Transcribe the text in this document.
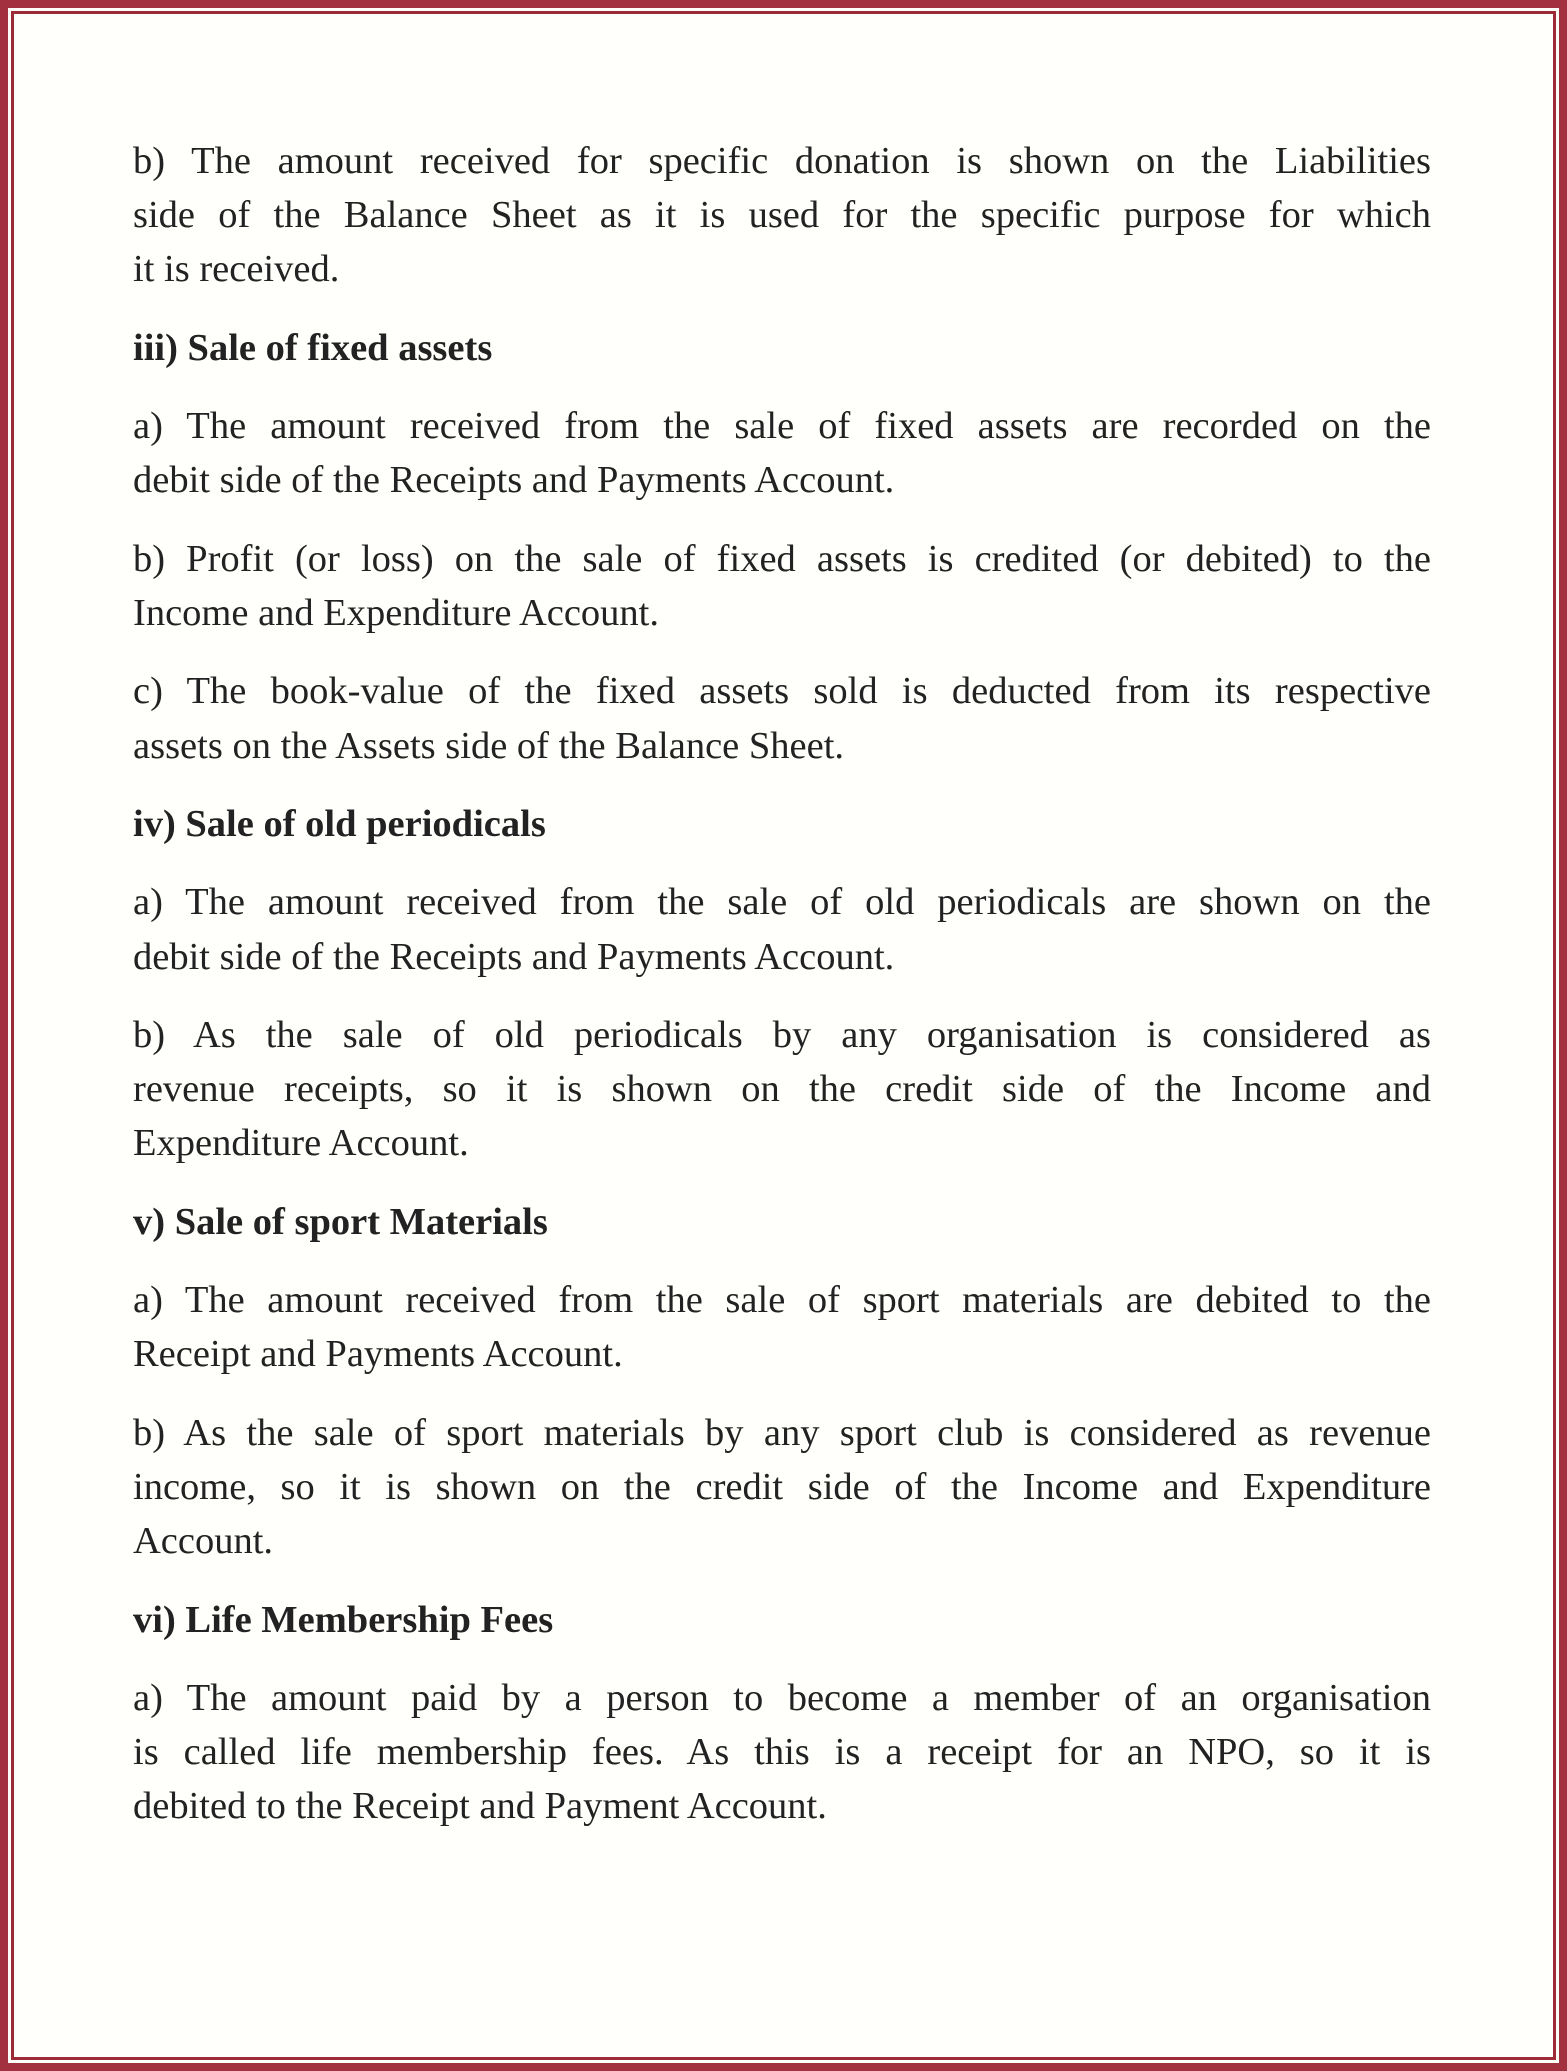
b) The amount received for specific donation is shown on the Liabilities
side of the Balance Sheet as it is used for the specific purpose for which
it is received.
iii) Sale of fixed assets
a) The amount received from the sale of fixed assets are recorded on the
debit side of the Receipts and Payments Account.
b) Profit (or loss) on the sale of fixed assets is credited (or debited) to the
Income and Expenditure Account.
c) The book-value of the fixed assets sold is deducted from its respective
assets on the Assets side of the Balance Sheet.
iv) Sale of old periodicals
a) The amount received from the sale of old periodicals are shown on the
debit side of the Receipts and Payments Account.
b) As the sale of old periodicals by any organisation is considered as
revenue receipts, so it is shown on the credit side of the Income and
Expenditure Account.
v) Sale of sport Materials
a) The amount received from the sale of sport materials are debited to the
Receipt and Payments Account.
b) As the sale of sport materials by any sport club is considered as revenue
income, so it is shown on the credit side of the Income and Expenditure
Account.
vi) Life Membership Fees
a) The amount paid by a person to become a member of an organisation
is called life membership fees. As this is a receipt for an NPO, so it is
debited to the Receipt and Payment Account.
